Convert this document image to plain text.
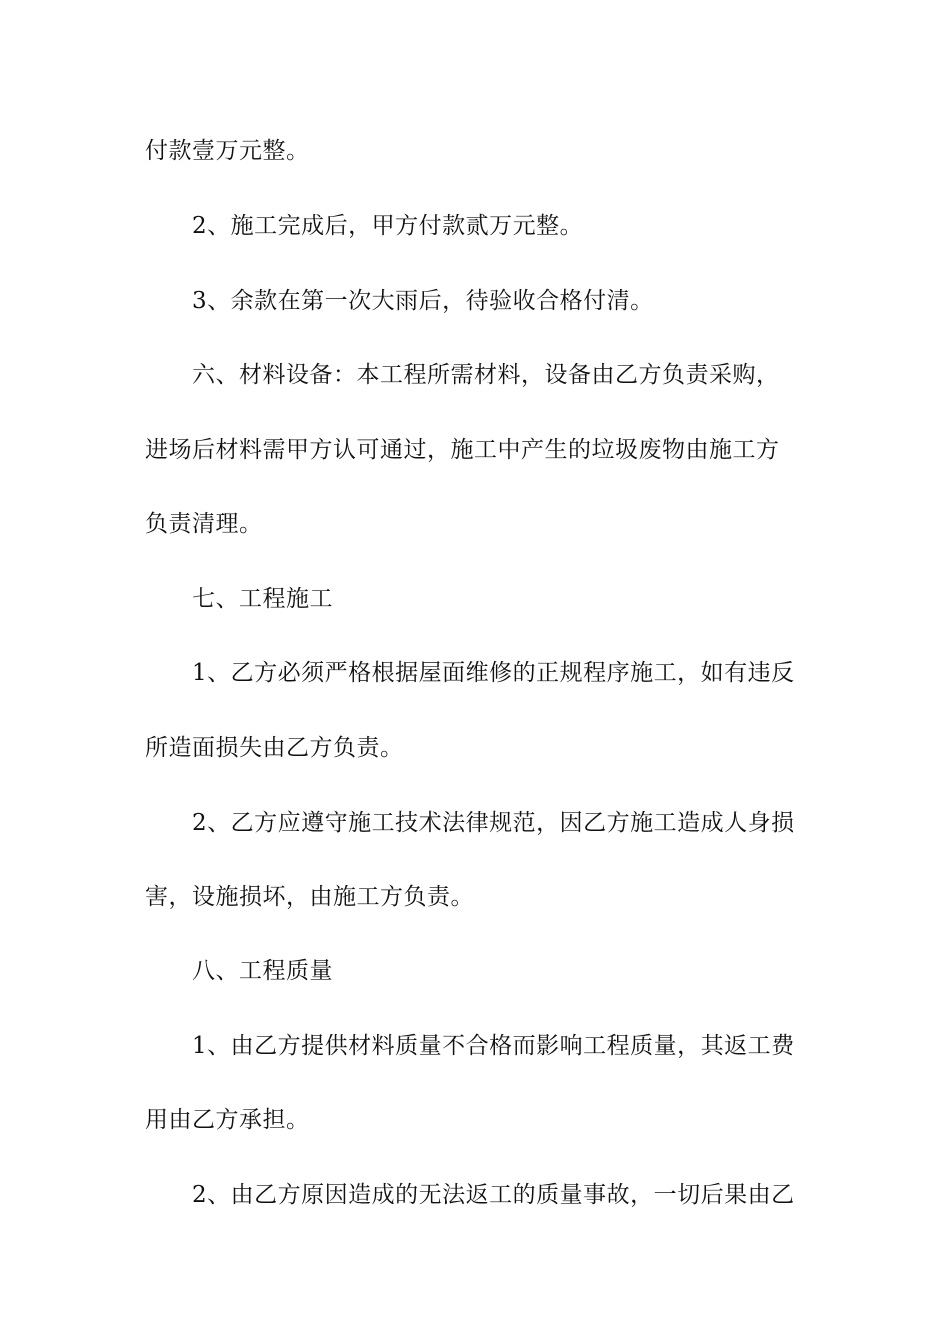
付款壹万元整。
2、施工完成后，甲方付款贰万元整。
3、余款在第一次大雨后，待验收合格付清。
六、材料设备：本工程所需材料，设备由乙方负责采购，
进场后材料需甲方认可通过，施工中产生的垃圾废物由施工方
负责清理。
七、工程施工
1、乙方必须严格根据屋面维修的正规程序施工，如有违反
所造面损失由乙方负责。
2、乙方应遵守施工技术法律规范，因乙方施工造成人身损
害，设施损坏，由施工方负责。
八、工程质量
1、由乙方提供材料质量不合格而影响工程质量，其返工费
用由乙方承担。
2、由乙方原因造成的无法返工的质量事故，一切后果由乙
